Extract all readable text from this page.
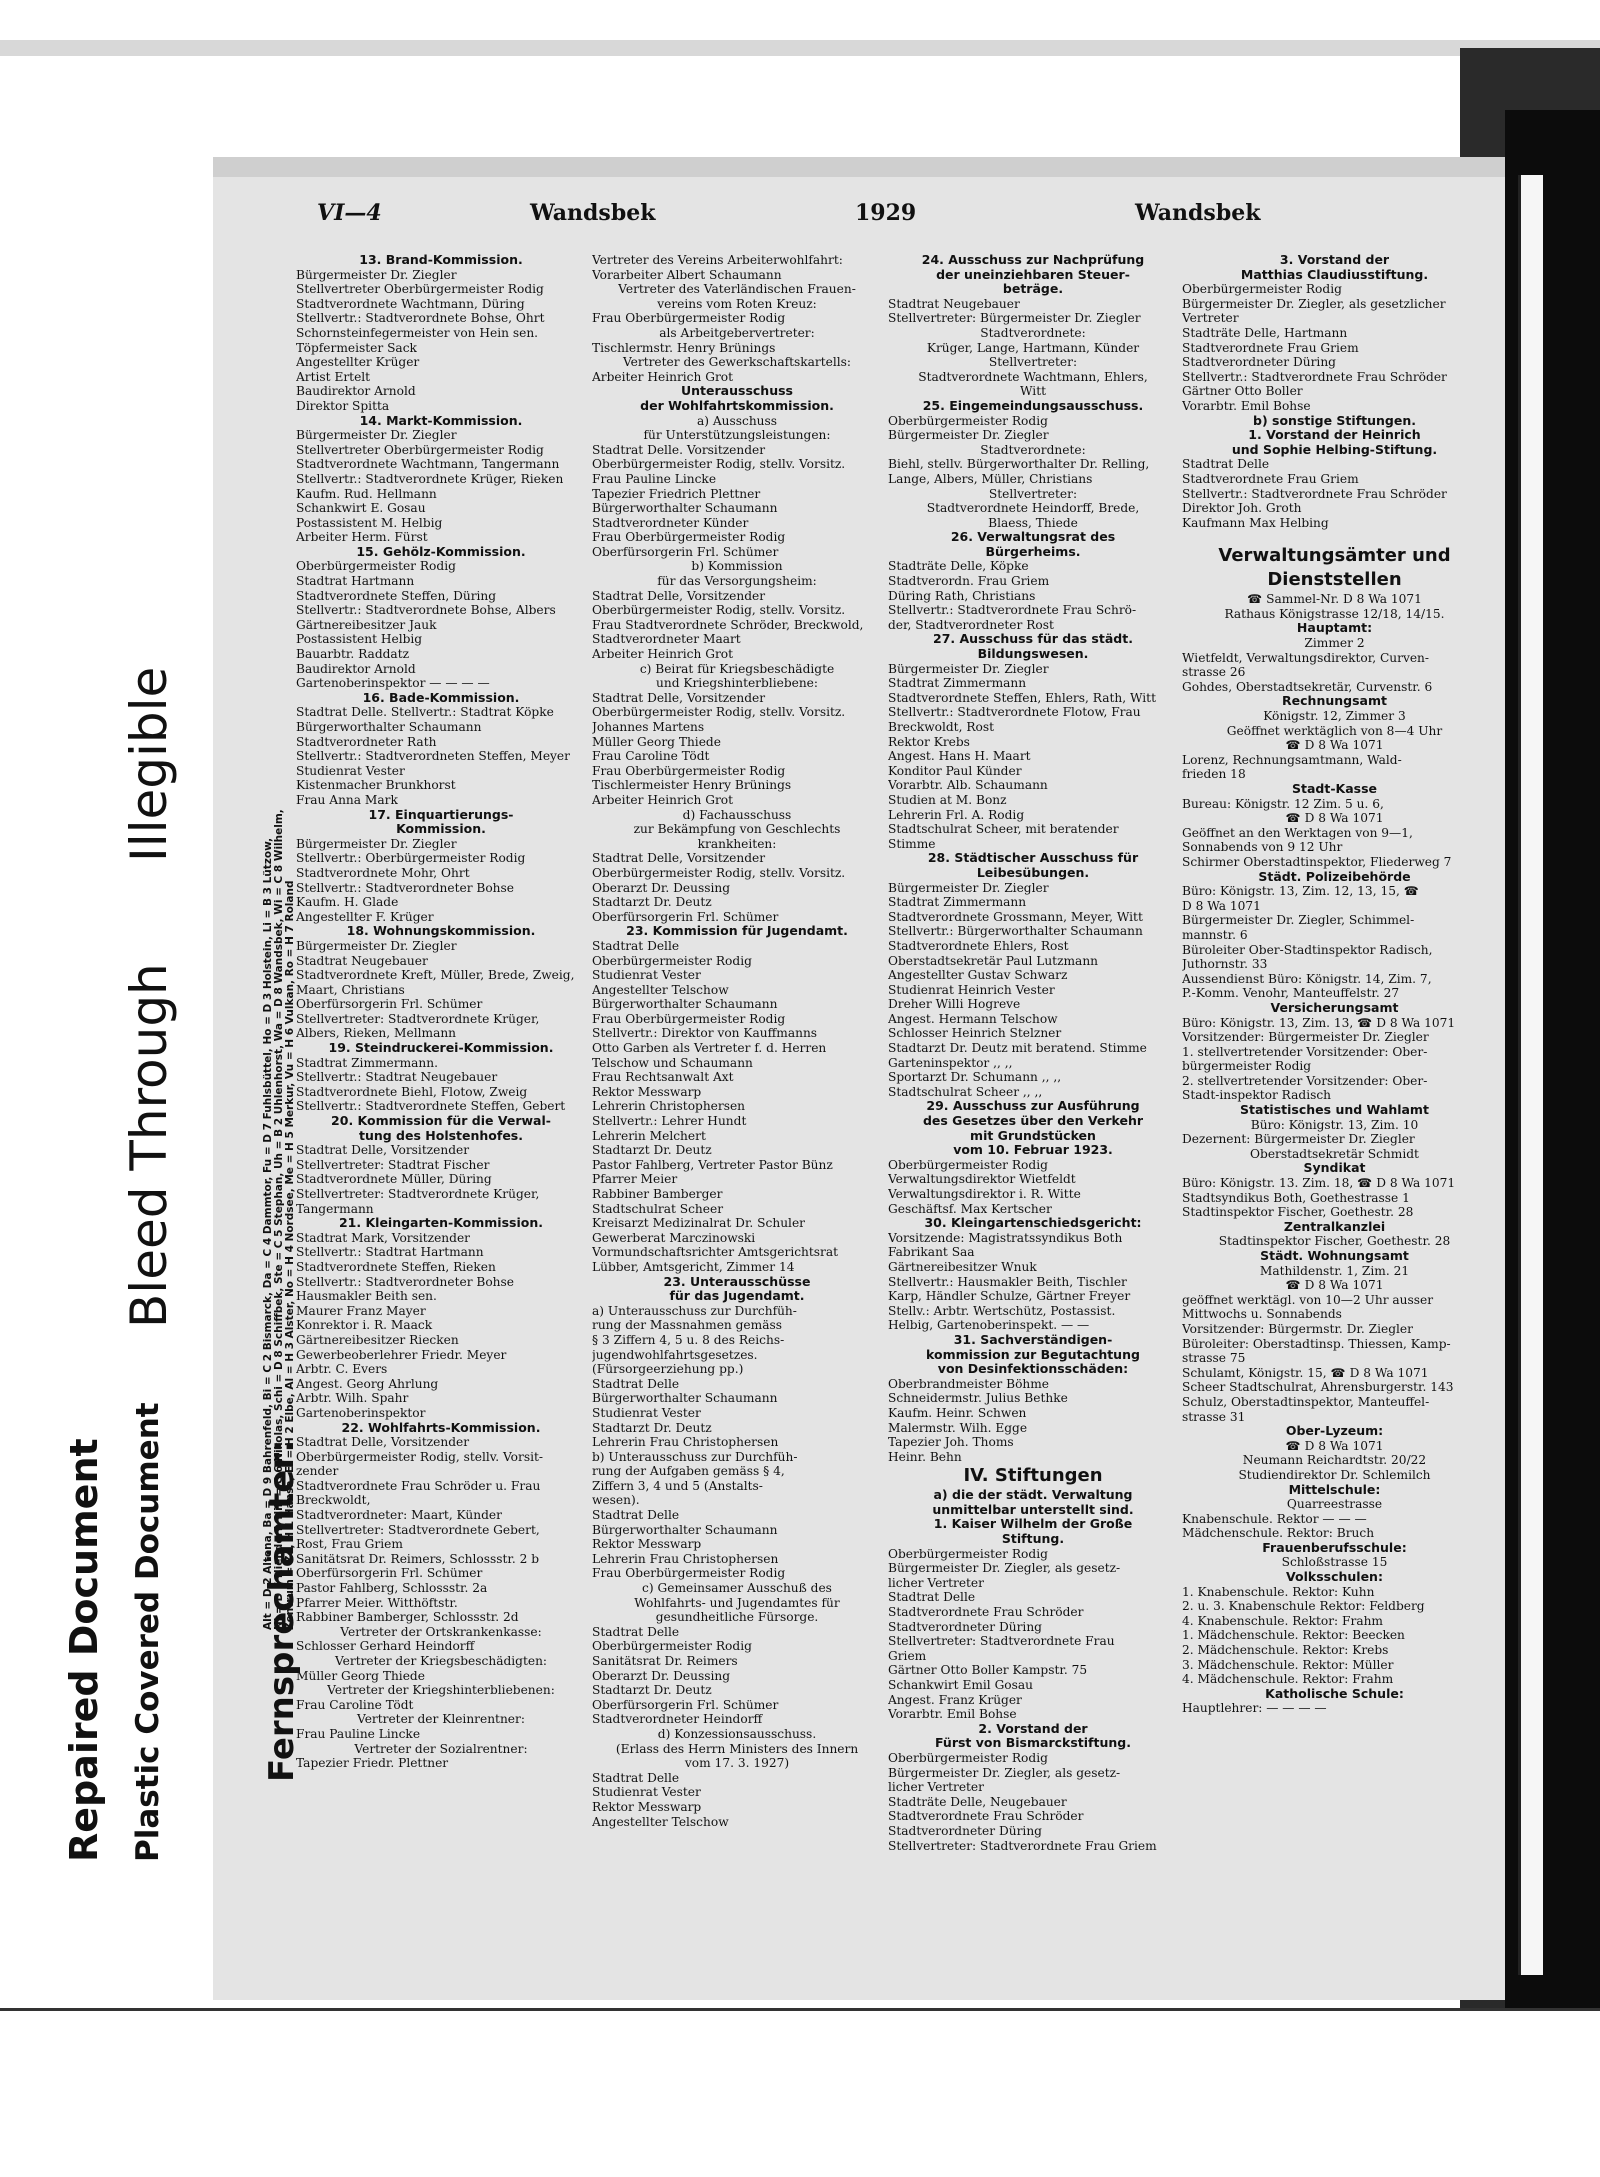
Repaired Document Plastic Covered Document
Bleed Through
Illegible
VI—4	Wandsbek	1929	Wandsbek
Alt = D 2 Altona, Ba = D 9 Bahrenfeld, Bi = C 2 Bismarck, Da = C 4 Dammtor, Fu = D 7 Fuhlsbüttel, Ho = D 3 Holstein, Li = B 3 Lützow, Ni = D 7 Niendorf, Nik = C 6 Nikolas, Schi = D 8 Schiffbek, Ste = C 5 Stephan, Uh = B 2 Uhlenhorst, Wa = D 8 Wandsbek, Wi = C 8 Wilhelm, Zentrum = Ze, H 1 Hansa, El = H 2 Elbe, Al = H 3 Alster, No = H 4 Nordsee, Me = H 5 Merkur, Vu = H 6 Vulkan, Ro = H 7 Roland
Fernsprechämter:
13. Brand-Kommission.
Bürgermeister Dr. Ziegler
Stellvertreter Oberbürgermeister Rodig
Stadtverordnete Wachtmann, Düring
Stellvertr.: Stadtverordnete Bohse, Ohrt
Schornsteinfegermeister von Hein sen.
Töpfermeister Sack
Angestellter Krüger
Artist Ertelt
Baudirektor Arnold
Direktor Spitta
14. Markt-Kommission.
Bürgermeister Dr. Ziegler
Stellvertreter Oberbürgermeister Rodig
Stadtverordnete Wachtmann, Tangermann
Stellvertr.: Stadtverordnete Krüger, Rieken
Kaufm. Rud. Hellmann
Schankwirt E. Gosau
Postassistent M. Helbig
Arbeiter Herm. Fürst
15. Gehölz-Kommission.
Oberbürgermeister Rodig
Stadtrat Hartmann
Stadtverordnete Steffen, Düring
Stellvertr.: Stadtverordnete Bohse, Albers
Gärtnereibesitzer Jauk
Postassistent Helbig
Bauarbtr. Raddatz
Baudirektor Arnold
Gartenoberinspektor — — — —
16. Bade-Kommission.
Stadtrat Delle. Stellvertr.: Stadtrat Köpke
Bürgerworthalter Schaumann
Stadtverordneter Rath
Stellvertr.: Stadtverordneten Steffen, Meyer
Studienrat Vester
Kistenmacher Brunkhorst
Frau Anna Mark
17. Einquartierungs-
Kommission.
Bürgermeister Dr. Ziegler
Stellvertr.: Oberbürgermeister Rodig
Stadtverordnete Mohr, Ohrt
Stellvertr.: Stadtverordneter Bohse
Kaufm. H. Glade
Angestellter F. Krüger
18. Wohnungskommission.
Bürgermeister Dr. Ziegler
Stadtrat Neugebauer
Stadtverordnete Kreft, Müller, Brede, Zweig,
Maart, Christians
Oberfürsorgerin Frl. Schümer
Stellvertreter: Stadtverordnete Krüger,
Albers, Rieken, Mellmann
19. Steindruckerei-Kommission.
Stadtrat Zimmermann.
Stellvertr.: Stadtrat Neugebauer
Stadtverordnete Biehl, Flotow, Zweig
Stellvertr.: Stadtverordnete Steffen, Gebert
20. Kommission für die Verwal-
tung des Holstenhofes.
Stadtrat Delle, Vorsitzender
Stellvertreter: Stadtrat Fischer
Stadtverordnete Müller, Düring
Stellvertreter: Stadtverordnete Krüger,
Tangermann
21. Kleingarten-Kommission.
Stadtrat Mark, Vorsitzender
Stellvertr.: Stadtrat Hartmann
Stadtverordnete Steffen, Rieken
Stellvertr.: Stadtverordneter Bohse
Hausmakler Beith sen.
Maurer Franz Mayer
Konrektor i. R. Maack
Gärtnereibesitzer Riecken
Gewerbeoberlehrer Friedr. Meyer
Arbtr. C. Evers
Angest. Georg Ahrlung
Arbtr. Wilh. Spahr
Gartenoberinspektor
22. Wohlfahrts-Kommission.
Stadtrat Delle, Vorsitzender
Oberbürgermeister Rodig, stellv. Vorsit-
zender
Stadtverordnete Frau Schröder u. Frau
Breckwoldt,
Stadtverordneter: Maart, Künder
Stellvertreter: Stadtverordnete Gebert,
Rost, Frau Griem
Sanitätsrat Dr. Reimers, Schlossstr. 2 b
Oberfürsorgerin Frl. Schümer
Pastor Fahlberg, Schlossstr. 2a
Pfarrer Meier. Witthöftstr.
Rabbiner Bamberger, Schlossstr. 2d
Vertreter der Ortskrankenkasse:
Schlosser Gerhard Heindorff
Vertreter der Kriegsbeschädigten:
Müller Georg Thiede
Vertreter der Kriegshinterbliebenen:
Frau Caroline Tödt
Vertreter der Kleinrentner:
Frau Pauline Lincke
Vertreter der Sozialrentner:
Tapezier Friedr. Plettner
Vertreter des Vereins Arbeiterwohlfahrt:
Vorarbeiter Albert Schaumann
Vertreter des Vaterländischen Frauen-
vereins vom Roten Kreuz:
Frau Oberbürgermeister Rodig
als Arbeitgebervertreter:
Tischlermstr. Henry Brünings
Vertreter des Gewerkschaftskartells:
Arbeiter Heinrich Grot
Unterausschuss
der Wohlfahrtskommission.
a) Ausschuss
für Unterstützungsleistungen:
Stadtrat Delle. Vorsitzender
Oberbürgermeister Rodig, stellv. Vorsitz.
Frau Pauline Lincke
Tapezier Friedrich Plettner
Bürgerworthalter Schaumann
Stadtverordneter Künder
Frau Oberbürgermeister Rodig
Oberfürsorgerin Frl. Schümer
b) Kommission
für das Versorgungsheim:
Stadtrat Delle, Vorsitzender
Oberbürgermeister Rodig, stellv. Vorsitz.
Frau Stadtverordnete Schröder, Breckwold,
Stadtverordneter Maart
Arbeiter Heinrich Grot
c) Beirat für Kriegsbeschädigte
und Kriegshinterbliebene:
Stadtrat Delle, Vorsitzender
Oberbürgermeister Rodig, stellv. Vorsitz.
Johannes Martens
Müller Georg Thiede
Frau Caroline Tödt
Frau Oberbürgermeister Rodig
Tischlermeister Henry Brünings
Arbeiter Heinrich Grot
d) Fachausschuss
zur Bekämpfung von Geschlechts
krankheiten:
Stadtrat Delle, Vorsitzender
Oberbürgermeister Rodig, stellv. Vorsitz.
Oberarzt Dr. Deussing
Stadtarzt Dr. Deutz
Oberfürsorgerin Frl. Schümer
23. Kommission für Jugendamt.
Stadtrat Delle
Oberbürgermeister Rodig
Studienrat Vester
Angestellter Telschow
Bürgerworthalter Schaumann
Frau Oberbürgermeister Rodig
Stellvertr.: Direktor von Kauffmanns
Otto Garben als Vertreter f. d. Herren
Telschow und Schaumann
Frau Rechtsanwalt Axt
Rektor Messwarp
Lehrerin Christophersen
Stellvertr.: Lehrer Hundt
Lehrerin Melchert
Stadtarzt Dr. Deutz
Pastor Fahlberg, Vertreter Pastor Bünz
Pfarrer Meier
Rabbiner Bamberger
Stadtschulrat Scheer
Kreisarzt Medizinalrat Dr. Schuler
Gewerberat Marczinowski
Vormundschaftsrichter Amtsgerichtsrat
Lübber, Amtsgericht, Zimmer 14
23. Unterausschüsse
für das Jugendamt.
a) Unterausschuss zur Durchfüh-
rung der Massnahmen gemäss
§ 3 Ziffern 4, 5 u. 8 des Reichs-
jugendwohlfahrtsgesetzes.
(Fürsorgeerziehung pp.)
Stadtrat Delle
Bürgerworthalter Schaumann
Studienrat Vester
Stadtarzt Dr. Deutz
Lehrerin Frau Christophersen
b) Unterausschuss zur Durchfüh-
rung der Aufgaben gemäss § 4,
Ziffern 3, 4 und 5 (Anstalts-
wesen).
Stadtrat Delle
Bürgerworthalter Schaumann
Rektor Messwarp
Lehrerin Frau Christophersen
Frau Oberbürgermeister Rodig
c) Gemeinsamer Ausschuß des
Wohlfahrts- und Jugendamtes für
gesundheitliche Fürsorge.
Stadtrat Delle
Oberbürgermeister Rodig
Sanitätsrat Dr. Reimers
Oberarzt Dr. Deussing
Stadtarzt Dr. Deutz
Oberfürsorgerin Frl. Schümer
Stadtverordneter Heindorff
d) Konzessionsausschuss.
(Erlass des Herrn Ministers des Innern
vom 17. 3. 1927)
Stadtrat Delle
Studienrat Vester
Rektor Messwarp
Angestellter Telschow
24. Ausschuss zur Nachprüfung
der uneinziehbaren Steuer-
beträge.
Stadtrat Neugebauer
Stellvertreter: Bürgermeister Dr. Ziegler
Stadtverordnete:
Krüger, Lange, Hartmann, Künder
Stellvertreter:
Stadtverordnete Wachtmann, Ehlers,
Witt
25. Eingemeindungsausschuss.
Oberbürgermeister Rodig
Bürgermeister Dr. Ziegler
Stadtverordnete:
Biehl, stellv. Bürgerworthalter Dr. Relling,
Lange, Albers, Müller, Christians
Stellvertreter:
Stadtverordnete Heindorff, Brede,
Blaess, Thiede
26. Verwaltungsrat des
Bürgerheims.
Stadträte Delle, Köpke
Stadtverordn. Frau Griem
Düring Rath, Christians
Stellvertr.: Stadtverordnete Frau Schrö-
der, Stadtverordneter Rost
27. Ausschuss für das städt.
Bildungswesen.
Bürgermeister Dr. Ziegler
Stadtrat Zimmermann
Stadtverordnete Steffen, Ehlers, Rath, Witt
Stellvertr.: Stadtverordnete Flotow, Frau
Breckwoldt, Rost
Rektor Krebs
Angest. Hans H. Maart
Konditor Paul Künder
Vorarbtr. Alb. Schaumann
Studien at M. Bonz
Lehrerin Frl. A. Rodig
Stadtschulrat Scheer, mit beratender
Stimme
28. Städtischer Ausschuss für
Leibesübungen.
Bürgermeister Dr. Ziegler
Stadtrat Zimmermann
Stadtverordnete Grossmann, Meyer, Witt
Stellvertr.: Bürgerworthalter Schaumann
Stadtverordnete Ehlers, Rost
Oberstadtsekretär Paul Lutzmann
Angestellter Gustav Schwarz
Studienrat Heinrich Vester
Dreher Willi Hogreve
Angest. Hermann Telschow
Schlosser Heinrich Stelzner
Stadtarzt Dr. Deutz mit beratend. Stimme
Garteninspektor ,, ,,
Sportarzt Dr. Schumann ,, ,,
Stadtschulrat Scheer ,, ,,
29. Ausschuss zur Ausführung
des Gesetzes über den Verkehr
mit Grundstücken
vom 10. Februar 1923.
Oberbürgermeister Rodig
Verwaltungsdirektor Wietfeldt
Verwaltungsdirektor i. R. Witte
Geschäftsf. Max Kertscher
30. Kleingartenschiedsgericht:
Vorsitzende: Magistratssyndikus Both
Fabrikant Saa
Gärtnereibesitzer Wnuk
Stellvertr.: Hausmakler Beith, Tischler
Karp, Händler Schulze, Gärtner Freyer
Stellv.: Arbtr. Wertschütz, Postassist.
Helbig, Gartenoberinspekt. — —
31. Sachverständigen-
kommission zur Begutachtung
von Desinfektionsschäden:
Oberbrandmeister Böhme
Schneidermstr. Julius Bethke
Kaufm. Heinr. Schwen
Malermstr. Wilh. Egge
Tapezier Joh. Thoms
Heinr. Behn
IV. Stiftungen
a) die der städt. Verwaltung
unmittelbar unterstellt sind.
1. Kaiser Wilhelm der Große
Stiftung.
Oberbürgermeister Rodig
Bürgermeister Dr. Ziegler, als gesetz-
licher Vertreter
Stadtrat Delle
Stadtverordnete Frau Schröder
Stadtverordneter Düring
Stellvertreter: Stadtverordnete Frau
Griem
Gärtner Otto Boller Kampstr. 75
Schankwirt Emil Gosau
Angest. Franz Krüger
Vorarbtr. Emil Bohse
2. Vorstand der
Fürst von Bismarckstiftung.
Oberbürgermeister Rodig
Bürgermeister Dr. Ziegler, als gesetz-
licher Vertreter
Stadträte Delle, Neugebauer
Stadtverordnete Frau Schröder
Stadtverordneter Düring
Stellvertreter: Stadtverordnete Frau Griem
3. Vorstand der
Matthias Claudiusstiftung.
Oberbürgermeister Rodig
Bürgermeister Dr. Ziegler, als gesetzlicher
Vertreter
Stadträte Delle, Hartmann
Stadtverordnete Frau Griem
Stadtverordneter Düring
Stellvertr.: Stadtverordnete Frau Schröder
Gärtner Otto Boller
Vorarbtr. Emil Bohse
b) sonstige Stiftungen.
1. Vorstand der Heinrich
und Sophie Helbing-Stiftung.
Stadtrat Delle
Stadtverordnete Frau Griem
Stellvertr.: Stadtverordnete Frau Schröder
Direktor Joh. Groth
Kaufmann Max Helbing
Verwaltungsämter und
Dienststellen
☎ Sammel-Nr. D 8 Wa 1071
Rathaus Königstrasse 12/18, 14/15.
Hauptamt:
Zimmer 2
Wietfeldt, Verwaltungsdirektor, Curven-
strasse 26
Gohdes, Oberstadtsekretär, Curvenstr. 6
Rechnungsamt
Königstr. 12, Zimmer 3
Geöffnet werktäglich von 8—4 Uhr
☎ D 8 Wa 1071
Lorenz, Rechnungsamtmann, Wald-
frieden 18
Stadt-Kasse
Bureau: Königstr. 12 Zim. 5 u. 6,
☎ D 8 Wa 1071
Geöffnet an den Werktagen von 9—1,
Sonnabends von 9 12 Uhr
Schirmer Oberstadtinspektor, Fliederweg 7
Städt. Polizeibehörde
Büro: Königstr. 13, Zim. 12, 13, 15, ☎
D 8 Wa 1071
Bürgermeister Dr. Ziegler, Schimmel-
mannstr. 6
Büroleiter Ober-Stadtinspektor Radisch,
Juthornstr. 33
Aussendienst Büro: Königstr. 14, Zim. 7,
P.-Komm. Venohr, Manteuffelstr. 27
Versicherungsamt
Büro: Königstr. 13, Zim. 13, ☎ D 8 Wa 1071
Vorsitzender: Bürgermeister Dr. Ziegler
1. stellvertretender Vorsitzender: Ober-
bürgermeister Rodig
2. stellvertretender Vorsitzender: Ober-
Stadt-inspektor Radisch
Statistisches und Wahlamt
Büro: Königstr. 13, Zim. 10
Dezernent: Bürgermeister Dr. Ziegler
Oberstadtsekretär Schmidt
Syndikat
Büro: Königstr. 13. Zim. 18, ☎ D 8 Wa 1071
Stadtsyndikus Both, Goethestrasse 1
Stadtinspektor Fischer, Goethestr. 28
Zentralkanzlei
Stadtinspektor Fischer, Goethestr. 28
Städt. Wohnungsamt
Mathildenstr. 1, Zim. 21
☎ D 8 Wa 1071
geöffnet werktägl. von 10—2 Uhr ausser
Mittwochs u. Sonnabends
Vorsitzender: Bürgermstr. Dr. Ziegler
Büroleiter: Oberstadtinsp. Thiessen, Kamp-
strasse 75
Schulamt, Königstr. 15, ☎ D 8 Wa 1071
Scheer Stadtschulrat, Ahrensburgerstr. 143
Schulz, Oberstadtinspektor, Manteuffel-
strasse 31
Ober-Lyzeum:
☎ D 8 Wa 1071
Neumann Reichardtstr. 20/22
Studiendirektor Dr. Schlemilch
Mittelschule:
Quarreestrasse
Knabenschule. Rektor — — —
Mädchenschule. Rektor: Bruch
Frauenberufsschule:
Schloßstrasse 15
Volksschulen:
1. Knabenschule. Rektor: Kuhn
2. u. 3. Knabenschule Rektor: Feldberg
4. Knabenschule. Rektor: Frahm
1. Mädchenschule. Rektor: Beecken
2. Mädchenschule. Rektor: Krebs
3. Mädchenschule. Rektor: Müller
4. Mädchenschule. Rektor: Frahm
Katholische Schule:
Hauptlehrer: — — — —
